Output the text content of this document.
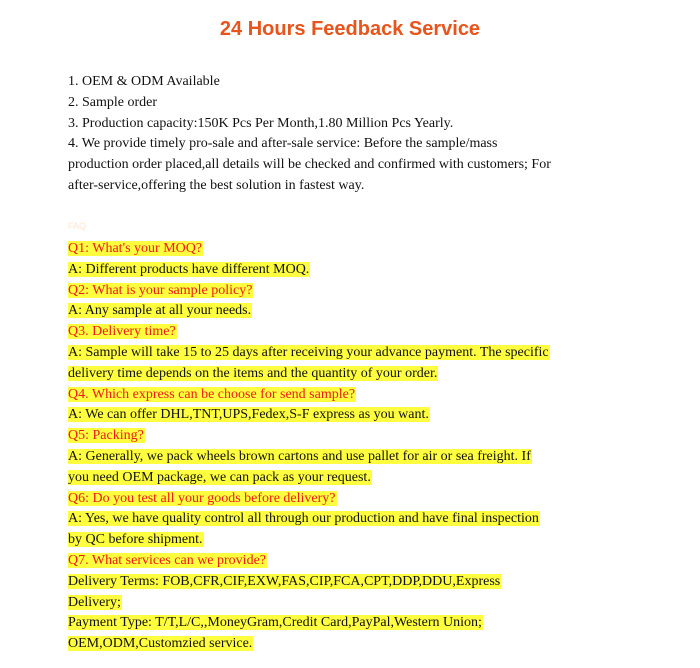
24 Hours Feedback Service
1. OEM & ODM Available
2. Sample order
3. Production capacity:150K Pcs Per Month,1.80 Million Pcs Yearly.
4. We provide timely pro-sale and after-sale service: Before the sample/mass
production order placed,all details will be checked and confirmed with customers; For
after-service,offering the best solution in fastest way.
FAQ
Q1: What's your MOQ?
A: Different products have different MOQ.
Q2: What is your sample policy?
A: Any sample at all your needs.
Q3. Delivery time?
A: Sample will take 15 to 25 days after receiving your advance payment. The specific
delivery time depends on the items and the quantity of your order.
Q4. Which express can be choose for send sample?
A: We can offer DHL,TNT,UPS,Fedex,S-F express as you want.
Q5: Packing?
A: Generally, we pack wheels brown cartons and use pallet for air or sea freight. If
you need OEM package, we can pack as your request.
Q6: Do you test all your goods before delivery?
A: Yes, we have quality control all through our production and have final inspection
by QC before shipment.
Q7. What services can we provide?
Delivery Terms: FOB,CFR,CIF,EXW,FAS,CIP,FCA,CPT,DDP,DDU,Express
Delivery;
Payment Type: T/T,L/C,,MoneyGram,Credit Card,PayPal,Western Union;
OEM,ODM,Customzied service.
